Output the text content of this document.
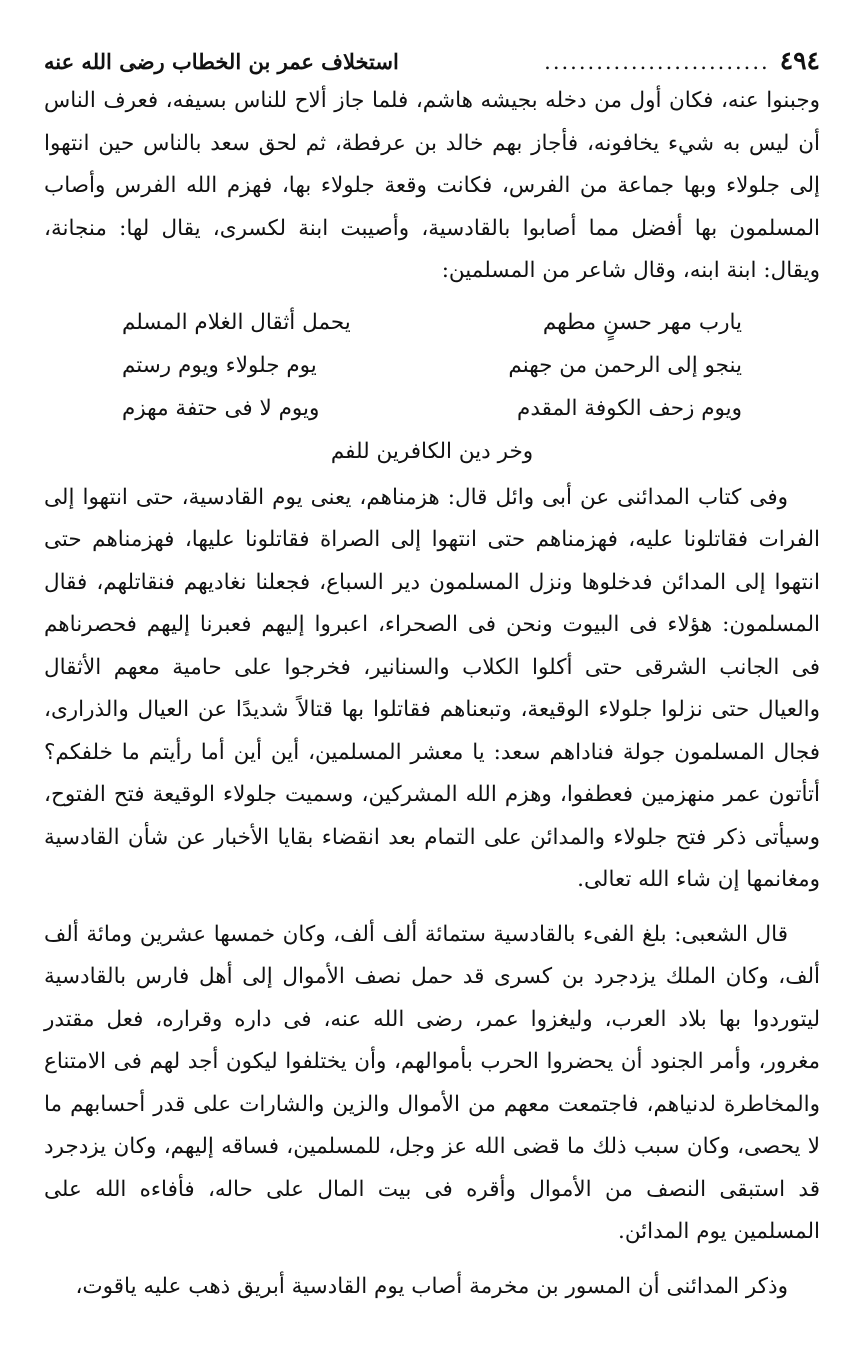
٤٩٤
..........................
استخلاف عمر بن الخطاب رضى الله عنه

وجبنوا عنه، فكان أول من دخله بجيشه هاشم، فلما جاز ألاح للناس بسيفه، فعرف الناس أن ليس به شيء يخافونه، فأجاز بهم خالد بن عرفطة، ثم لحق سعد بالناس حين انتهوا إلى جلولاء وبها جماعة من الفرس، فكانت وقعة جلولاء بها، فهزم الله الفرس وأصاب المسلمون بها أفضل مما أصابوا بالقادسية، وأصيبت ابنة لكسرى، يقال لها: منجانة، ويقال: ابنة ابنه، وقال شاعر من المسلمين:

يارب مهر حسنٍ مطهم
يحمل أثقال الغلام المسلم
ينجو إلى الرحمن من جهنم
يوم جلولاء ويوم رستم
ويوم زحف الكوفة المقدم
ويوم لا فى حتفة مهزم
وخر دين الكافرين للفم

وفى كتاب المدائنى عن أبى وائل قال: هزمناهم، يعنى يوم القادسية، حتى انتهوا إلى الفرات فقاتلونا عليه، فهزمناهم حتى انتهوا إلى الصراة فقاتلونا عليها، فهزمناهم حتى انتهوا إلى المدائن فدخلوها ونزل المسلمون دير السباع، فجعلنا نغاديهم فنقاتلهم، فقال المسلمون: هؤلاء فى البيوت ونحن فى الصحراء، اعبروا إليهم فعبرنا إليهم فحصرناهم فى الجانب الشرقى حتى أكلوا الكلاب والسنانير، فخرجوا على حامية معهم الأثقال والعيال حتى نزلوا جلولاء الوقيعة، وتبعناهم فقاتلوا بها قتالاً شديدًا عن العيال والذرارى، فجال المسلمون جولة فناداهم سعد: يا معشر المسلمين، أين أين أما رأيتم ما خلفكم؟ أتأتون عمر منهزمين فعطفوا، وهزم الله المشركين، وسميت جلولاء الوقيعة فتح الفتوح، وسيأتى ذكر فتح جلولاء والمدائن على التمام بعد انقضاء بقايا الأخبار عن شأن القادسية ومغانمها إن شاء الله تعالى.

قال الشعبى: بلغ الفىء بالقادسية ستمائة ألف ألف، وكان خمسها عشرين ومائة ألف ألف، وكان الملك يزدجرد بن كسرى قد حمل نصف الأموال إلى أهل فارس بالقادسية ليتوردوا بها بلاد العرب، وليغزوا عمر، رضى الله عنه، فى داره وقراره، فعل مقتدر مغرور، وأمر الجنود أن يحضروا الحرب بأموالهم، وأن يختلفوا ليكون أجد لهم فى الامتناع والمخاطرة لدنياهم، فاجتمعت معهم من الأموال والزين والشارات على قدر أحسابهم ما لا يحصى، وكان سبب ذلك ما قضى الله عز وجل، للمسلمين، فساقه إليهم، وكان يزدجرد قد استبقى النصف من الأموال وأقره فى بيت المال على حاله، فأفاءه الله على المسلمين يوم المدائن.

وذكر المدائنى أن المسور بن مخرمة أصاب يوم القادسية أبريق ذهب عليه ياقوت،
